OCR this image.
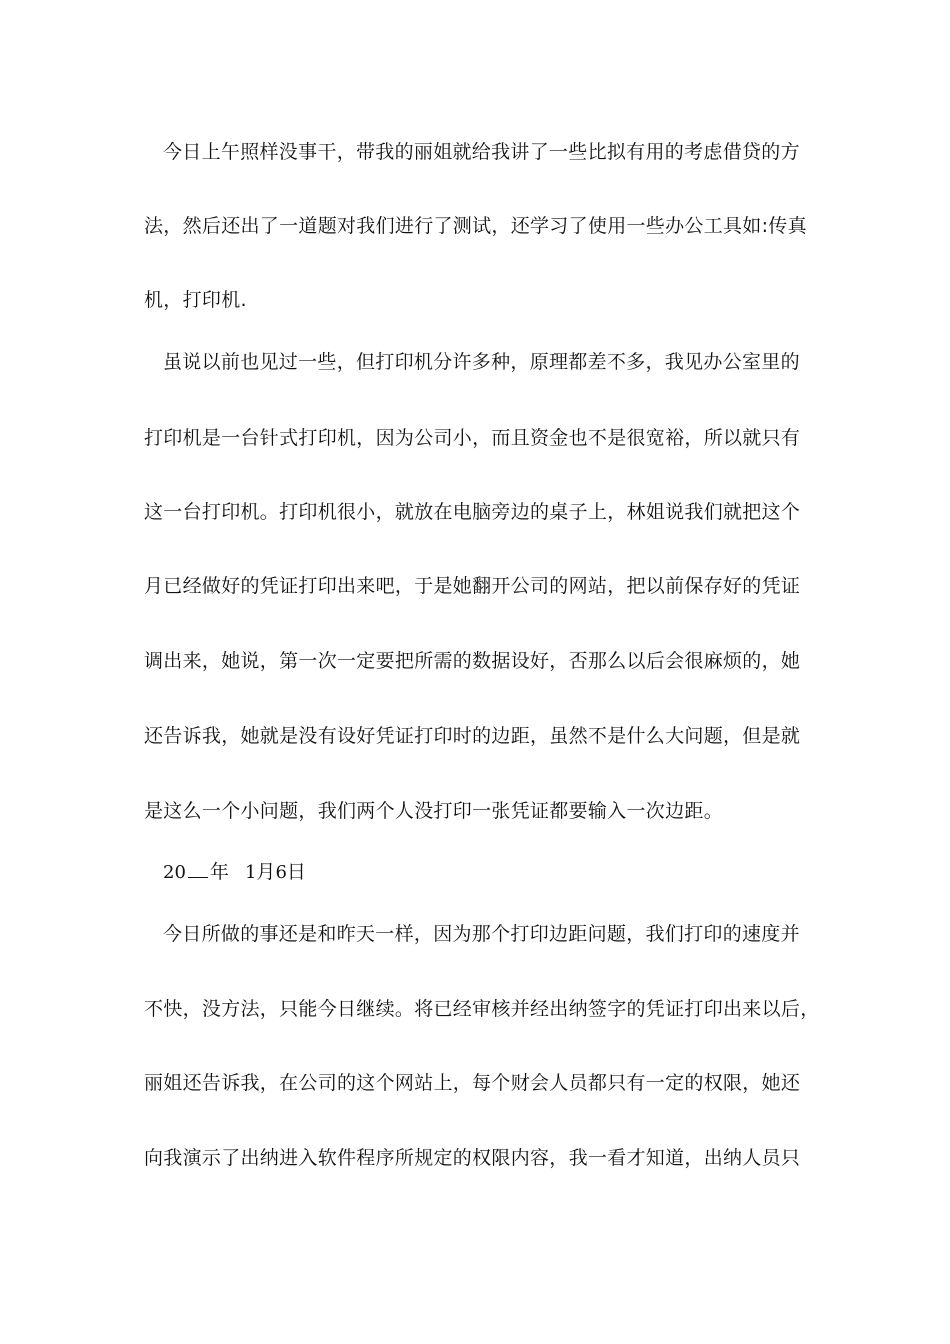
今日上午照样没事干，带我的丽姐就给我讲了一些比拟有用的考虑借贷的方
法，然后还出了一道题对我们进行了测试，还学习了使用一些办公工具如:传真
机，打印机.
虽说以前也见过一些，但打印机分许多种，原理都差不多，我见办公室里的
打印机是一台针式打印机，因为公司小，而且资金也不是很宽裕，所以就只有
这一台打印机。打印机很小，就放在电脑旁边的桌子上，林姐说我们就把这个
月已经做好的凭证打印出来吧，于是她翻开公司的网站，把以前保存好的凭证
调出来，她说，第一次一定要把所需的数据设好，否那么以后会很麻烦的，她
还告诉我，她就是没有设好凭证打印时的边距，虽然不是什么大问题，但是就
是这么一个小问题，我们两个人没打印一张凭证都要输入一次边距。
20 年 1月6日
今日所做的事还是和昨天一样，因为那个打印边距问题，我们打印的速度并
不快，没方法，只能今日继续。将已经审核并经出纳签字的凭证打印出来以后，
丽姐还告诉我，在公司的这个网站上，每个财会人员都只有一定的权限，她还
向我演示了出纳进入软件程序所规定的权限内容，我一看才知道，出纳人员只
